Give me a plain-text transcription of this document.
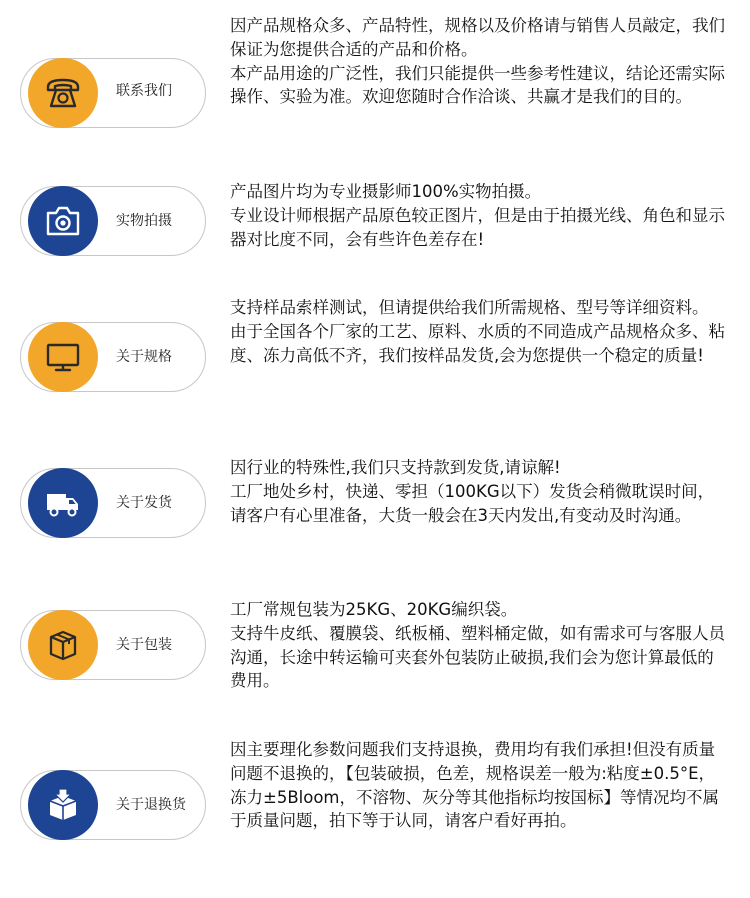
联系我们

因产品规格众多、产品特性，规格以及价格请与销售人员敲定，我们保证为您提供合适的产品和价格。

本产品用途的广泛性，我们只能提供一些参考性建议，结论还需实际操作、实验为准。欢迎您随时合作洽谈、共赢才是我们的目的。

实物拍摄

产品图片均为专业摄影师100%实物拍摄。

专业设计师根据产品原色较正图片，但是由于拍摄光线、角色和显示器对比度不同，会有些许色差存在!

关于规格

支持样品索样测试，但请提供给我们所需规格、型号等详细资料。

由于全国各个厂家的工艺、原料、水质的不同造成产品规格众多、粘度、冻力高低不齐，我们按样品发货,会为您提供一个稳定的质量!

关于发货

因行业的特殊性,我们只支持款到发货,请谅解!

工厂地处乡村，快递、零担（100KG以下）发货会稍微耽误时间，请客户有心里准备，大货一般会在3天内发出,有变动及时沟通。

关于包装

工厂常规包装为25KG、20KG编织袋。

支持牛皮纸、覆膜袋、纸板桶、塑料桶定做，如有需求可与客服人员沟通，长途中转运输可夹套外包装防止破损,我们会为您计算最低的费用。

关于退换货

因主要理化参数问题我们支持退换，费用均有我们承担!但没有质量问题不退换的，【包装破损，色差，规格误差一般为:粘度±0.5°E，冻力±5Bloom，不溶物、灰分等其他指标均按国标】等情况均不属于质量问题，拍下等于认同，请客户看好再拍。
